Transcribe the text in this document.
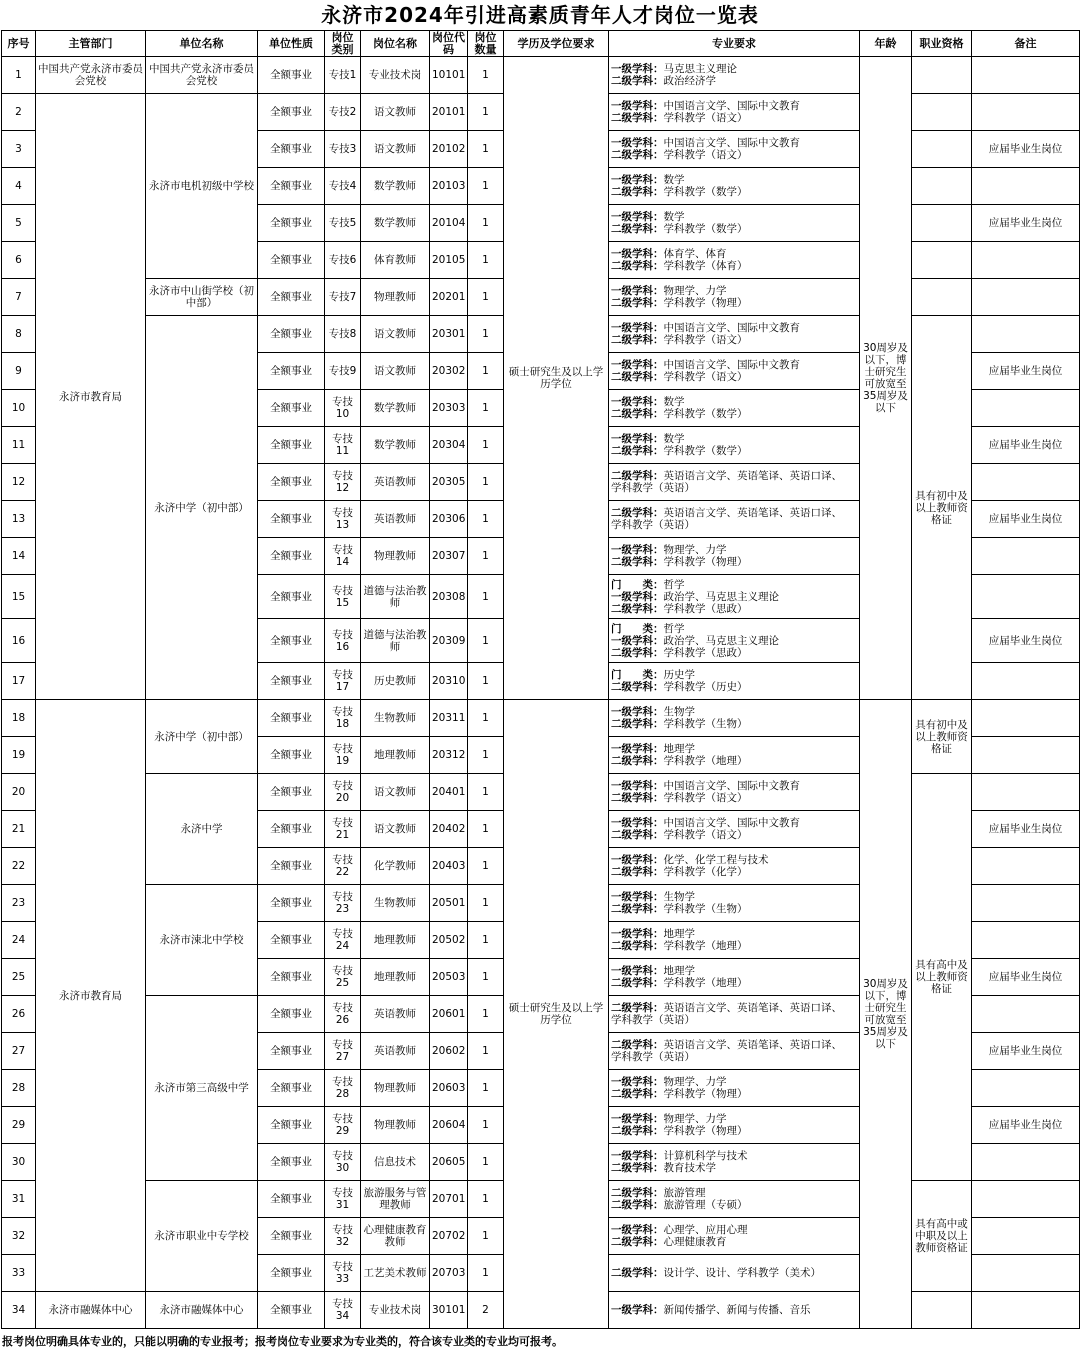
永济市2024年引进高素质青年人才岗位一览表
序号	主管部门	单位名称	单位性质	岗位类别	岗位名称	岗位代码	岗位数量	学历及学位要求	专业要求	年龄	职业资格	备注
1	中国共产党永济市委员会党校	中国共产党永济市委员会党校	全额事业	专技1	专业技术岗	10101	1	硕士研究生及以上学历学位	一级学科：马克思主义理论
二级学科：政治经济学	30周岁及以下，博士研究生可放宽至35周岁及以下		
2	永济市教育局	永济市电机初级中学校	全额事业	专技2	语文教师	20101	1		一级学科：中国语言文学、国际中文教育
二级学科：学科教学（语文）			

3			全额事业	专技3	语文教师	20102	1		一级学科：中国语言文学、国际中文教育
二级学科：学科教学（语文）			应届毕业生岗位
4			全额事业	专技4	数学教师	20103	1		一级学科：数学
二级学科：学科教学（数学）			

5			全额事业	专技5	数学教师	20104	1		一级学科：数学
二级学科：学科教学（数学）			应届毕业生岗位
6			全额事业	专技6	体育教师	20105	1		一级学科：体育学、体育
二级学科：学科教学（体育）			

7		永济市中山街学校（初中部）	全额事业	专技7	物理教师	20201	1		一级学科：物理学、力学
二级学科：学科教学（物理）			

8		永济中学（初中部）	全额事业	专技8	语文教师	20301	1		一级学科：中国语言文学、国际中文教育
二级学科：学科教学（语文）		具有初中及以上教师资格证	
9			全额事业	专技9	语文教师	20302	1		一级学科：中国语言文学、国际中文教育
二级学科：学科教学（语文）			应届毕业生岗位
10			全额事业	专技10	数学教师	20303	1		一级学科：数学
二级学科：学科教学（数学）			

11			全额事业	专技11	数学教师	20304	1		一级学科：数学
二级学科：学科教学（数学）			应届毕业生岗位
12			全额事业	专技12	英语教师	20305	1		二级学科：英语语言文学、英语笔译、英语口译、
学科教学（英语）			

13			全额事业	专技13	英语教师	20306	1		二级学科：英语语言文学、英语笔译、英语口译、
学科教学（英语）			应届毕业生岗位
14			全额事业	专技14	物理教师	20307	1		一级学科：物理学、力学
二级学科：学科教学（物理）			

15			全额事业	专技15	道德与法治教师	20308	1		门　　类：哲学
一级学科：政治学、马克思主义理论
二级学科：学科教学（思政）			

16			全额事业	专技16	道德与法治教师	20309	1		门　　类：哲学
一级学科：政治学、马克思主义理论
二级学科：学科教学（思政）			应届毕业生岗位
17			全额事业	专技17	历史教师	20310	1		门　　类：历史学
二级学科：学科教学（历史）			

18	永济市教育局	永济中学（初中部）	全额事业	专技18	生物教师	20311	1	硕士研究生及以上学历学位	一级学科：生物学
二级学科：学科教学（生物）	30周岁及以下，博士研究生可放宽至35周岁及以下	具有初中及以上教师资格证	
19			全额事业	专技19	地理教师	20312	1		一级学科：地理学
二级学科：学科教学（地理）			

20		永济中学	全额事业	专技20	语文教师	20401	1		一级学科：中国语言文学、国际中文教育
二级学科：学科教学（语文）		具有高中及以上教师资格证	
21			全额事业	专技21	语文教师	20402	1		一级学科：中国语言文学、国际中文教育
二级学科：学科教学（语文）			应届毕业生岗位
22			全额事业	专技22	化学教师	20403	1		一级学科：化学、化学工程与技术
二级学科：学科教学（化学）			

23		永济市涑北中学校	全额事业	专技23	生物教师	20501	1		一级学科：生物学
二级学科：学科教学（生物）			

24			全额事业	专技24	地理教师	20502	1		一级学科：地理学
二级学科：学科教学（地理）			

25			全额事业	专技25	地理教师	20503	1		一级学科：地理学
二级学科：学科教学（地理）			应届毕业生岗位
26		永济市第三高级中学	全额事业	专技26	英语教师	20601	1		二级学科：英语语言文学、英语笔译、英语口译、
学科教学（英语）			

27			全额事业	专技27	英语教师	20602	1		二级学科：英语语言文学、英语笔译、英语口译、
学科教学（英语）			应届毕业生岗位
28			全额事业	专技28	物理教师	20603	1		一级学科：物理学、力学
二级学科：学科教学（物理）			

29			全额事业	专技29	物理教师	20604	1		一级学科：物理学、力学
二级学科：学科教学（物理）			应届毕业生岗位
30			全额事业	专技30	信息技术	20605	1		一级学科：计算机科学与技术
二级学科：教育技术学			

31		永济市职业中专学校	全额事业	专技31	旅游服务与管理教师	20701	1		二级学科：旅游管理
二级学科：旅游管理（专硕）		具有高中或中职及以上教师资格证	
32			全额事业	专技32	心理健康教育教师	20702	1		一级学科：心理学、应用心理
二级学科：心理健康教育			

33			全额事业	专技33	工艺美术教师	20703	1		二级学科：设计学、设计、学科教学（美术）			

34	永济市融媒体中心	永济市融媒体中心	全额事业	专技34	专业技术岗	30101	2		一级学科：新闻传播学、新闻与传播、音乐			

报考岗位明确具体专业的，只能以明确的专业报考；报考岗位专业要求为专业类的，符合该专业类的专业均可报考。
